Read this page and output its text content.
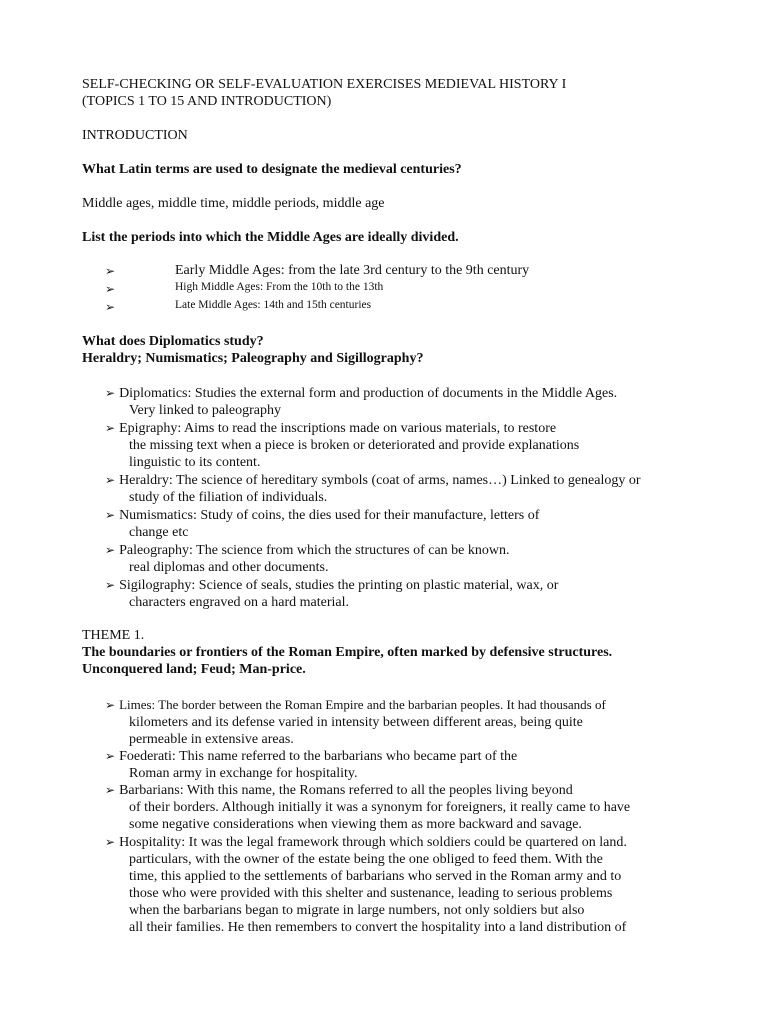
SELF-CHECKING OR SELF-EVALUATION EXERCISES MEDIEVAL HISTORY I
(TOPICS 1 TO 15 AND INTRODUCTION)
INTRODUCTION
What Latin terms are used to designate the medieval centuries?
Middle ages, middle time, middle periods, middle age
List the periods into which the Middle Ages are ideally divided.
➢	Early Middle Ages: from the late 3rd century to the 9th century
➢	High Middle Ages: From the 10th to the 13th
➢	Late Middle Ages: 14th and 15th centuries
What does Diplomatics study?
Heraldry; Numismatics; Paleography and Sigillography?
➢ Diplomatics: Studies the external form and production of documents in the Middle Ages.
Very linked to paleography
➢ Epigraphy: Aims to read the inscriptions made on various materials, to restore
the missing text when a piece is broken or deteriorated and provide explanations
linguistic to its content.
➢ Heraldry: The science of hereditary symbols (coat of arms, names…) Linked to genealogy or
study of the filiation of individuals.
➢ Numismatics: Study of coins, the dies used for their manufacture, letters of
change etc
➢ Paleography: The science from which the structures of can be known.
real diplomas and other documents.
➢ Sigilography: Science of seals, studies the printing on plastic material, wax, or
characters engraved on a hard material.
THEME 1.
The boundaries or frontiers of the Roman Empire, often marked by defensive structures.
Unconquered land; Feud; Man-price.
➢ Limes: The border between the Roman Empire and the barbarian peoples. It had thousands of
kilometers and its defense varied in intensity between different areas, being quite
permeable in extensive areas.
➢ Foederati: This name referred to the barbarians who became part of the
Roman army in exchange for hospitality.
➢ Barbarians: With this name, the Romans referred to all the peoples living beyond
of their borders. Although initially it was a synonym for foreigners, it really came to have
some negative considerations when viewing them as more backward and savage.
➢ Hospitality: It was the legal framework through which soldiers could be quartered on land.
particulars, with the owner of the estate being the one obliged to feed them. With the
time, this applied to the settlements of barbarians who served in the Roman army and to
those who were provided with this shelter and sustenance, leading to serious problems
when the barbarians began to migrate in large numbers, not only soldiers but also
all their families. He then remembers to convert the hospitality into a land distribution of
